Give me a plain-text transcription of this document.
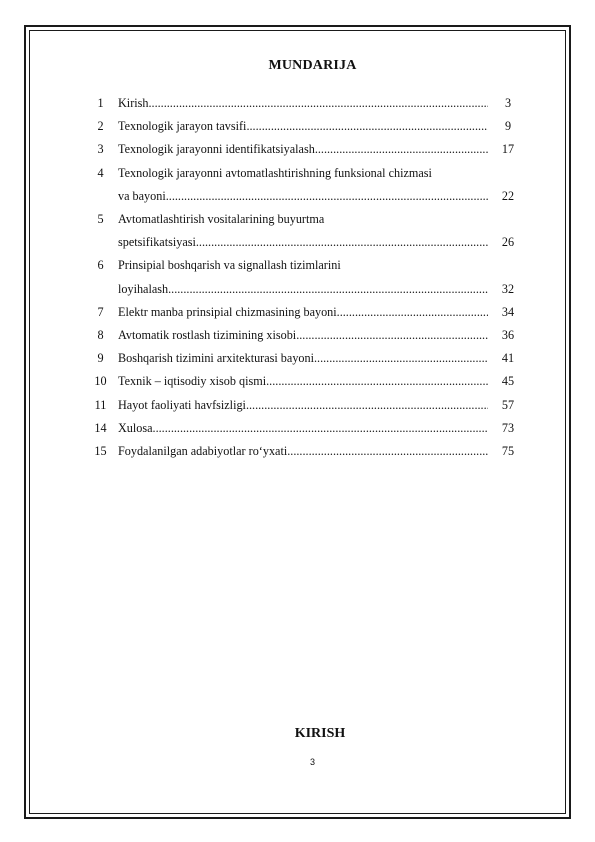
MUNDARIJA
1	Kirish .....	3
2	Texnologik jarayon tavsifi .....	9
3	Texnologik jarayonni identifikatsiyalash .....	17
4	Texnologik jarayonni avtomatlashtirishning funksional chizmasi
va bayoni .....	22
5	Avtomatlashtirish vositalarining buyurtma
spetsifikatsiyasi .....	26
6	Prinsipial boshqarish va signallash tizimlarini
loyihalash .....	32
7	Elektr manba prinsipial chizmasining bayoni .....	34
8	Avtomatik rostlash tizimining xisobi .....	36
9	Boshqarish tizimini arxitekturasi bayoni .....	41
10 Texnik – iqtisodiy xisob qismi .....	45
11 Hayot faoliyati havfsizligi .....	57
14 Xulosa .....	73
15 Foydalanilgan adabiyotlar ro‘yxati .....	75
KIRISH
3
